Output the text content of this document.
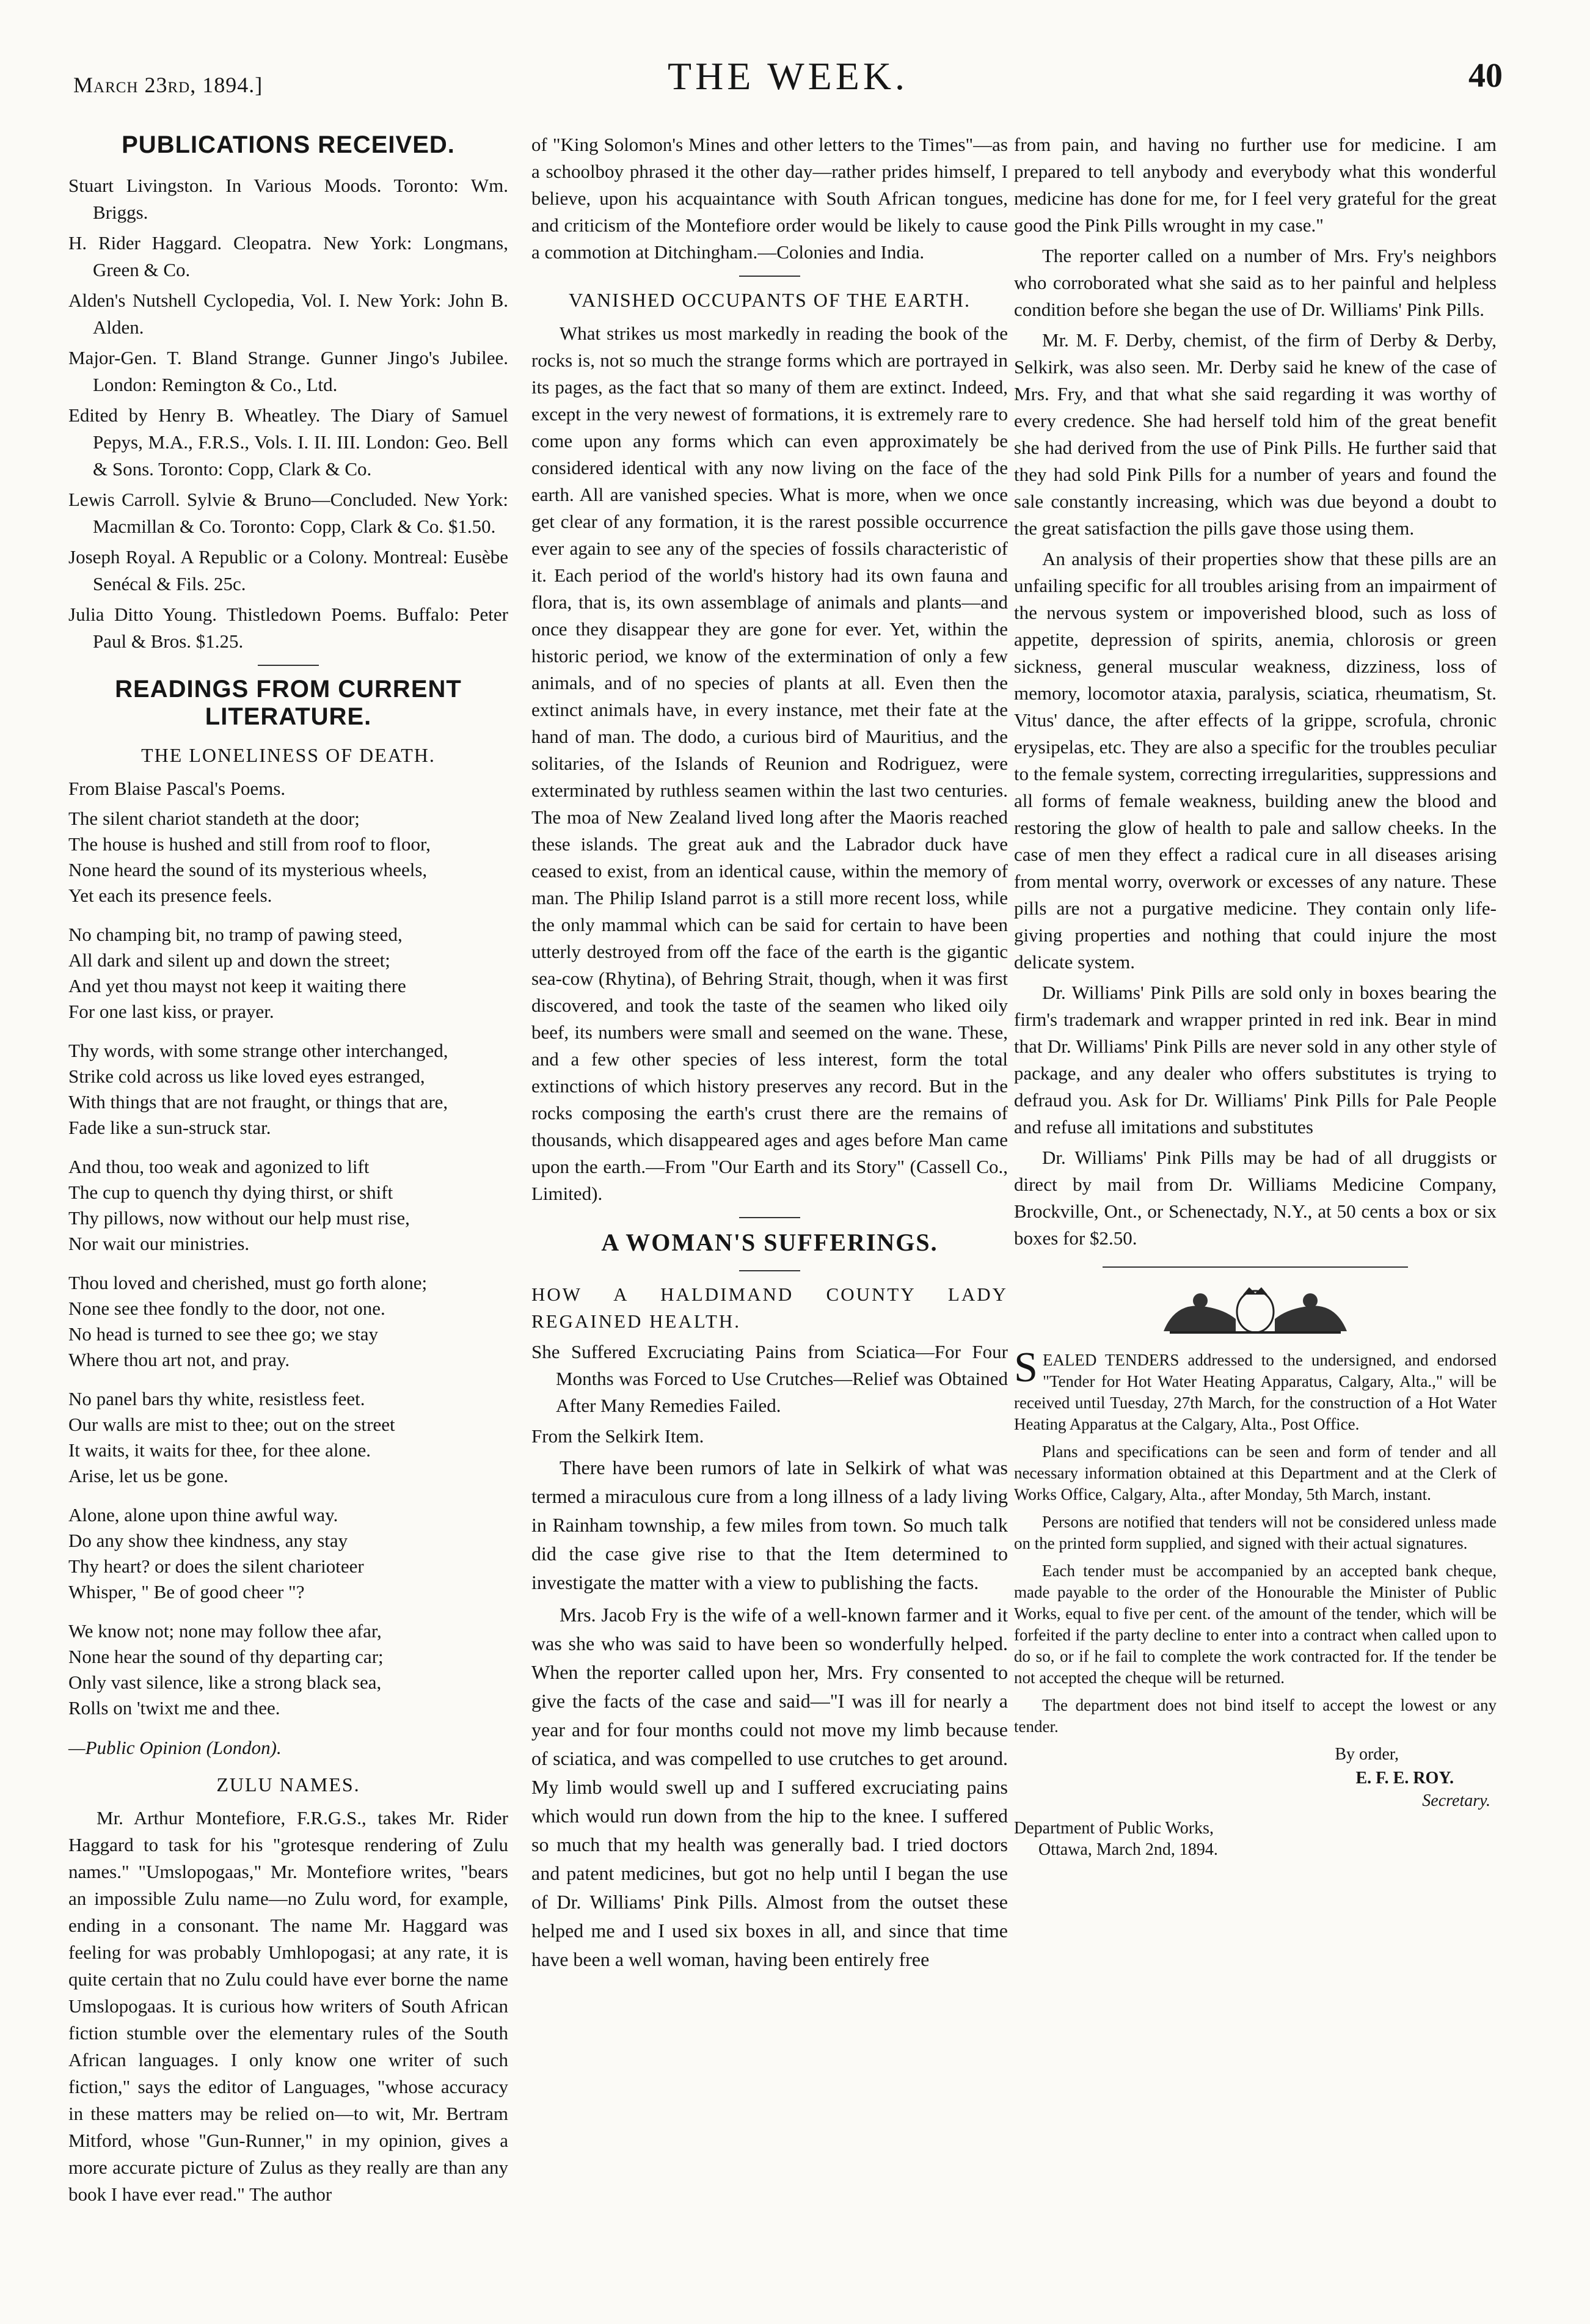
March 23rd, 1894.]	THE WEEK.	40
PUBLICATIONS RECEIVED.

Stuart Livingston. In Various Moods. Toronto: Wm. Briggs.

H. Rider Haggard. Cleopatra. New York: Longmans, Green & Co.

Alden's Nutshell Cyclopedia, Vol. I. New York: John B. Alden.

Major-Gen. T. Bland Strange. Gunner Jingo's Jubilee. London: Remington & Co., Ltd.

Edited by Henry B. Wheatley. The Diary of Samuel Pepys, M.A., F.R.S., Vols. I. II. III. London: Geo. Bell & Sons. Toronto: Copp, Clark & Co.

Lewis Carroll. Sylvie & Bruno—Concluded. New York: Macmillan & Co. Toronto: Copp, Clark & Co. $1.50.

Joseph Royal. A Republic or a Colony. Montreal: Eusèbe Senécal & Fils. 25c.

Julia Ditto Young. Thistledown Poems. Buffalo: Peter Paul & Bros. $1.25.

READINGS FROM CURRENT LITERATURE.
THE LONELINESS OF DEATH.

From Blaise Pascal's Poems.

The silent chariot standeth at the door;
The house is hushed and still from roof to floor,
None heard the sound of its mysterious wheels,
Yet each its presence feels.
No champing bit, no tramp of pawing steed,
All dark and silent up and down the street;
And yet thou mayst not keep it waiting there
For one last kiss, or prayer.
Thy words, with some strange other interchanged,
Strike cold across us like loved eyes estranged,
With things that are not fraught, or things that are,
Fade like a sun-struck star.
And thou, too weak and agonized to lift
The cup to quench thy dying thirst, or shift
Thy pillows, now without our help must rise,
Nor wait our ministries.
Thou loved and cherished, must go forth alone;
None see thee fondly to the door, not one.
No head is turned to see thee go; we stay
Where thou art not, and pray.
No panel bars thy white, resistless feet.
Our walls are mist to thee; out on the street
It waits, it waits for thee, for thee alone.
Arise, let us be gone.
Alone, alone upon thine awful way.
Do any show thee kindness, any stay
Thy heart? or does the silent charioteer
Whisper, " Be of good cheer "?
We know not; none may follow thee afar,
None hear the sound of thy departing car;
Only vast silence, like a strong black sea,
Rolls on 'twixt me and thee.

—Public Opinion (London).

ZULU NAMES.

Mr. Arthur Montefiore, F.R.G.S., takes Mr. Rider Haggard to task for his "grotesque rendering of Zulu names." "Umslopogaas," Mr. Montefiore writes, "bears an impossible Zulu name—no Zulu word, for example, ending in a consonant. The name Mr. Haggard was feeling for was probably Umhlopogasi; at any rate, it is quite certain that no Zulu could have ever borne the name Umslopogaas. It is curious how writers of South African fiction stumble over the elementary rules of the South African languages. I only know one writer of such fiction," says the editor of Languages, "whose accuracy in these matters may be relied on—to wit, Mr. Bertram Mitford, whose "Gun-Runner," in my opinion, gives a more accurate picture of Zulus as they really are than any book I have ever read." The author

of "King Solomon's Mines and other letters to the Times"—as a schoolboy phrased it the other day—rather prides himself, I believe, upon his acquaintance with South African tongues, and criticism of the Montefiore order would be likely to cause a commotion at Ditchingham.—Colonies and India.

VANISHED OCCUPANTS OF THE EARTH.

What strikes us most markedly in reading the book of the rocks is, not so much the strange forms which are portrayed in its pages, as the fact that so many of them are extinct. Indeed, except in the very newest of formations, it is extremely rare to come upon any forms which can even approximately be considered identical with any now living on the face of the earth. All are vanished species. What is more, when we once get clear of any formation, it is the rarest possible occurrence ever again to see any of the species of fossils characteristic of it. Each period of the world's history had its own fauna and flora, that is, its own assemblage of animals and plants—and once they disappear they are gone for ever. Yet, within the historic period, we know of the extermination of only a few animals, and of no species of plants at all. Even then the extinct animals have, in every instance, met their fate at the hand of man. The dodo, a curious bird of Mauritius, and the solitaries, of the Islands of Reunion and Rodriguez, were exterminated by ruthless seamen within the last two centuries. The moa of New Zealand lived long after the Maoris reached these islands. The great auk and the Labrador duck have ceased to exist, from an identical cause, within the memory of man. The Philip Island parrot is a still more recent loss, while the only mammal which can be said for certain to have been utterly destroyed from off the face of the earth is the gigantic sea-cow (Rhytina), of Behring Strait, though, when it was first discovered, and took the taste of the seamen who liked oily beef, its numbers were small and seemed on the wane. These, and a few other species of less interest, form the total extinctions of which history preserves any record. But in the rocks composing the earth's crust there are the remains of thousands, which disappeared ages and ages before Man came upon the earth.—From "Our Earth and its Story" (Cassell Co., Limited).

A WOMAN'S SUFFERINGS.

HOW A HALDIMAND COUNTY LADY REGAINED HEALTH.

She Suffered Excruciating Pains from Sciatica—For Four Months was Forced to Use Crutches—Relief was Obtained After Many Remedies Failed.

From the Selkirk Item.

There have been rumors of late in Selkirk of what was termed a miraculous cure from a long illness of a lady living in Rainham township, a few miles from town. So much talk did the case give rise to that the Item determined to investigate the matter with a view to publishing the facts.

Mrs. Jacob Fry is the wife of a well-known farmer and it was she who was said to have been so wonderfully helped. When the reporter called upon her, Mrs. Fry consented to give the facts of the case and said—"I was ill for nearly a year and for four months could not move my limb because of sciatica, and was compelled to use crutches to get around. My limb would swell up and I suffered excruciating pains which would run down from the hip to the knee. I suffered so much that my health was generally bad. I tried doctors and patent medicines, but got no help until I began the use of Dr. Williams' Pink Pills. Almost from the outset these helped me and I used six boxes in all, and since that time have been a well woman, having been entirely free

from pain, and having no further use for medicine. I am prepared to tell anybody and everybody what this wonderful medicine has done for me, for I feel very grateful for the great good the Pink Pills wrought in my case."

The reporter called on a number of Mrs. Fry's neighbors who corroborated what she said as to her painful and helpless condition before she began the use of Dr. Williams' Pink Pills.

Mr. M. F. Derby, chemist, of the firm of Derby & Derby, Selkirk, was also seen. Mr. Derby said he knew of the case of Mrs. Fry, and that what she said regarding it was worthy of every credence. She had herself told him of the great benefit she had derived from the use of Pink Pills. He further said that they had sold Pink Pills for a number of years and found the sale constantly increasing, which was due beyond a doubt to the great satisfaction the pills gave those using them.

An analysis of their properties show that these pills are an unfailing specific for all troubles arising from an impairment of the nervous system or impoverished blood, such as loss of appetite, depression of spirits, anemia, chlorosis or green sickness, general muscular weakness, dizziness, loss of memory, locomotor ataxia, paralysis, sciatica, rheumatism, St. Vitus' dance, the after effects of la grippe, scrofula, chronic erysipelas, etc. They are also a specific for the troubles peculiar to the female system, correcting irregularities, suppressions and all forms of female weakness, building anew the blood and restoring the glow of health to pale and sallow cheeks. In the case of men they effect a radical cure in all diseases arising from mental worry, overwork or excesses of any nature. These pills are not a purgative medicine. They contain only life-giving properties and nothing that could injure the most delicate system.

Dr. Williams' Pink Pills are sold only in boxes bearing the firm's trademark and wrapper printed in red ink. Bear in mind that Dr. Williams' Pink Pills are never sold in any other style of package, and any dealer who offers substitutes is trying to defraud you. Ask for Dr. Williams' Pink Pills for Pale People and refuse all imitations and substitutes

Dr. Williams' Pink Pills may be had of all druggists or direct by mail from Dr. Williams Medicine Company, Brockville, Ont., or Schenectady, N.Y., at 50 cents a box or six boxes for $2.50.

SEALED TENDERS addressed to the undersigned, and endorsed "Tender for Hot Water Heating Apparatus, Calgary, Alta.," will be received until Tuesday, 27th March, for the construction of a Hot Water Heating Apparatus at the Calgary, Alta., Post Office.

Plans and specifications can be seen and form of tender and all necessary information obtained at this Department and at the Clerk of Works Office, Calgary, Alta., after Monday, 5th March, instant.

Persons are notified that tenders will not be considered unless made on the printed form supplied, and signed with their actual signatures.

Each tender must be accompanied by an accepted bank cheque, made payable to the order of the Honourable the Minister of Public Works, equal to five per cent. of the amount of the tender, which will be forfeited if the party decline to enter into a contract when called upon to do so, or if he fail to complete the work contracted for. If the tender be not accepted the cheque will be returned.

The department does not bind itself to accept the lowest or any tender.

By order,

E. F. E. ROY.

Secretary.

Department of Public Works,

Ottawa, March 2nd, 1894.
